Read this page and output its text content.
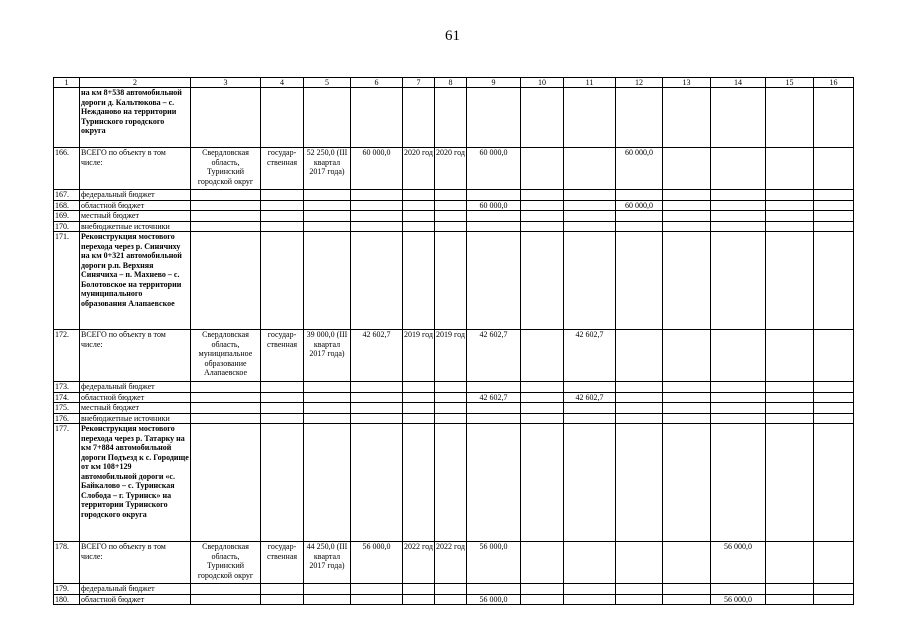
61
1	2	3	4	5	6	7	8	9	10	11	12	13	14	15	16
	на км 8+538 автомобильной дороги д. Кальтюкова – с. Нежданово на территории Туринского городского округа														
166.	ВСЕГО по объекту в том числе:	Свердловская область, Туринский городской округ	государ-ственная	52 250,0 (III квартал 2017 года)	60 000,0	2020 год	2020 год	60 000,0			60 000,0				
167.	федеральный бюджет														
168.	областной бюджет							60 000,0			60 000,0				
169.	местный бюджет														
170.	внебюджетные источники														
171.	Реконструкция мостового перехода через р. Синячиху на км 0+321 автомобильной дороги р.п. Верхняя Синячиха – п. Махнево – с. Болотовское на территории муниципального образования Алапаевское														
172.	ВСЕГО по объекту в том числе:	Свердловская область, муниципальное образование Алапаевское	государ-ственная	39 000,0 (III квартал 2017 года)	42 602,7	2019 год	2019 год	42 602,7		42 602,7					
173.	федеральный бюджет														
174.	областной бюджет							42 602,7		42 602,7					
175.	местный бюджет														
176.	внебюджетные источники														
177.	Реконструкция мостового перехода через р. Татарку на км 7+884 автомобильной дороги Подъезд к с. Городище от км 108+129 автомобильной дороги «с. Байкалово – с. Туринская Слобода – г. Туринск» на территории Туринского городского округа														
178.	ВСЕГО по объекту в том числе:	Свердловская область, Туринский городской округ	государ-ственная	44 250,0 (III квартал 2017 года)	56 000,0	2022 год	2022 год	56 000,0					56 000,0		
179.	федеральный бюджет														
180.	областной бюджет							56 000,0					56 000,0		
